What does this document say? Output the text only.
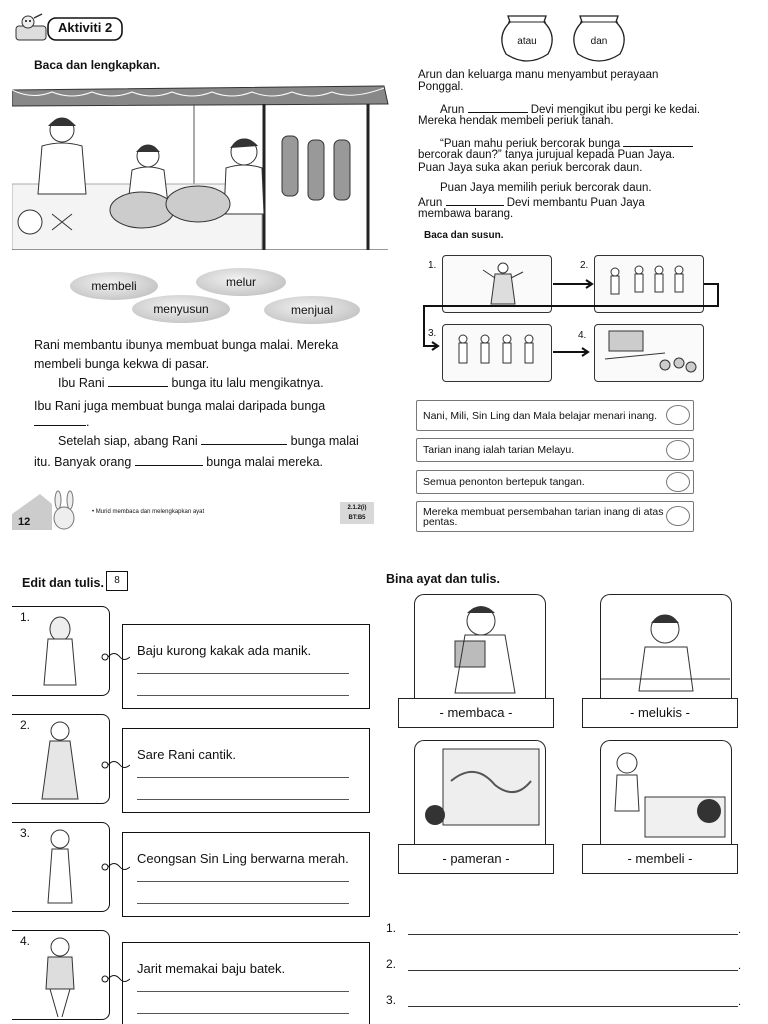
Aktiviti 2
Baca dan lengkapkan.
membeli	melur
menyusun	menjual
Rani membantu ibunya membuat bunga malai. Mereka
membeli bunga kekwa di pasar.
Ibu Rani	bunga itu lalu mengikatnya.
Ibu Rani juga membuat bunga malai daripada bunga
.
Setelah siap, abang Rani	bunga malai
itu. Banyak orang	bunga malai mereka.
12
• Murid membaca dan melengkapkan ayat
2.1.2(i)
BT:B5
atau	dan
Arun dan keluarga manu menyambut perayaan
Ponggal.
Arun	Devi mengikut ibu pergi ke kedai.
Mereka hendak membeli periuk tanah.
“Puan mahu periuk bercorak bunga
bercorak daun?” tanya jurujual kepada Puan Jaya.
Puan Jaya suka akan periuk bercorak daun.
Puan Jaya memilih periuk bercorak daun.
Arun	Devi membantu Puan Jaya
membawa barang.
Baca dan susun.
1.	2.
3.	4.
Nani, Mili, Sin Ling dan Mala belajar menari inang.
Tarian inang ialah tarian Melayu.
Semua penonton bertepuk tangan.
Mereka membuat persembahan tarian inang di atas pentas.
Edit dan tulis.	8
1.
Baju kurong kakak ada manik.
2.
Sare Rani cantik.
3.
Ceongsan Sin Ling berwarna merah.
4.
Jarit memakai baju batek.
Bina ayat dan tulis.
- membaca -	- melukis -
- pameran -	- membeli -
1.	.
2.	.
3.	.
